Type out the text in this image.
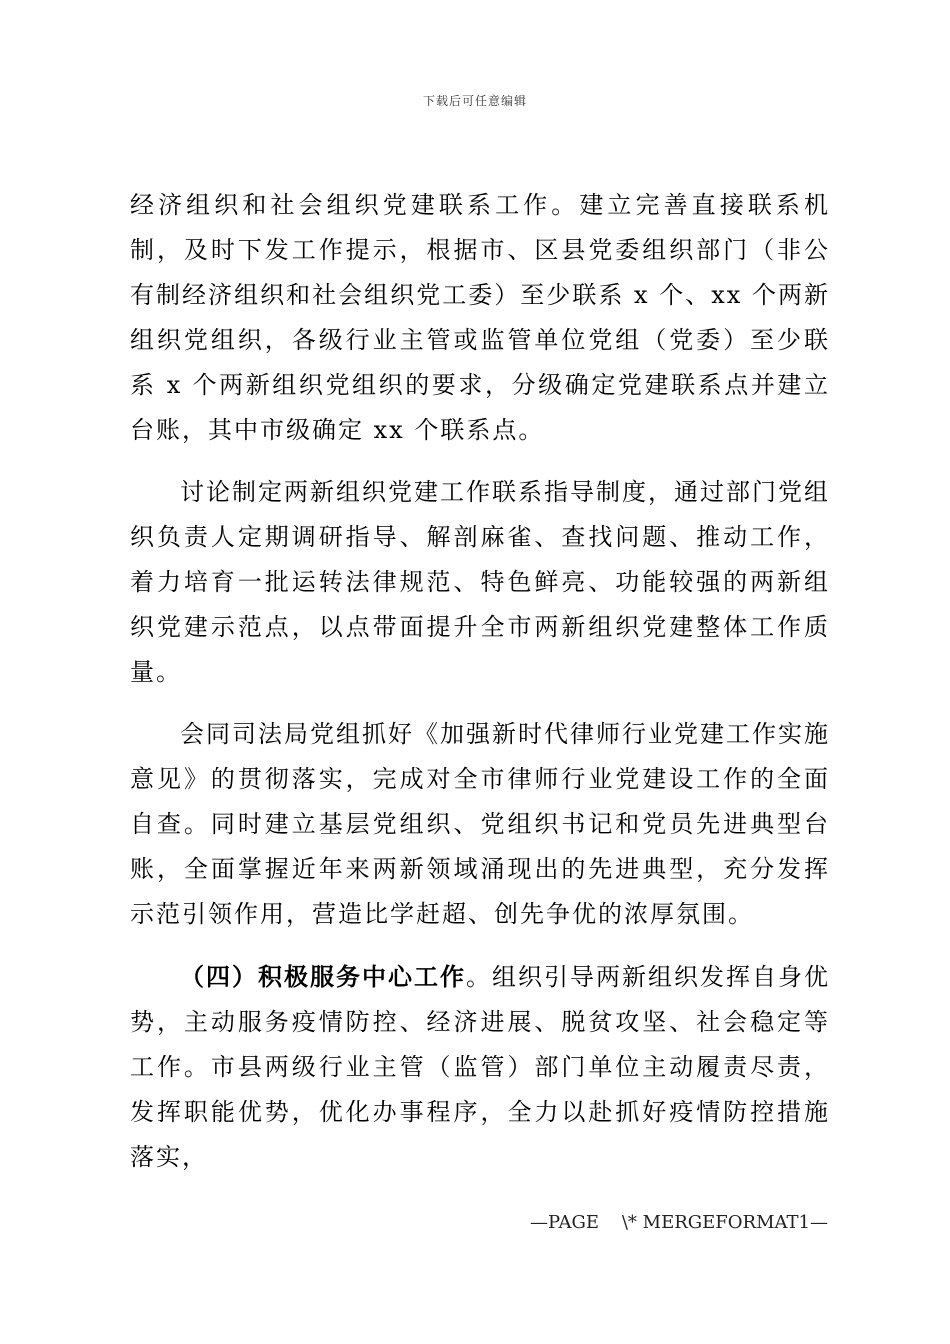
下载后可任意编辑

经济组织和社会组织党建联系工作。建立完善直接联系机制，及时下发工作提示，根据市、区县党委组织部门（非公有制经济组织和社会组织党工委）至少联系 x 个、xx 个两新组织党组织，各级行业主管或监管单位党组（党委）至少联系 x 个两新组织党组织的要求，分级确定党建联系点并建立台账，其中市级确定 xx 个联系点。

讨论制定两新组织党建工作联系指导制度，通过部门党组织负责人定期调研指导、解剖麻雀、查找问题、推动工作，着力培育一批运转法律规范、特色鲜亮、功能较强的两新组织党建示范点，以点带面提升全市两新组织党建整体工作质量。

会同司法局党组抓好《加强新时代律师行业党建工作实施意见》的贯彻落实，完成对全市律师行业党建设工作的全面自查。同时建立基层党组织、党组织书记和党员先进典型台账，全面掌握近年来两新领域涌现出的先进典型，充分发挥示范引领作用，营造比学赶超、创先争优的浓厚氛围。

（四）积极服务中心工作。组织引导两新组织发挥自身优势，主动服务疫情防控、经济进展、脱贫攻坚、社会稳定等工作。市县两级行业主管（监管）部门单位主动履责尽责，发挥职能优势，优化办事程序，全力以赴抓好疫情防控措施落实，

—PAGE    \* MERGEFORMAT1—
